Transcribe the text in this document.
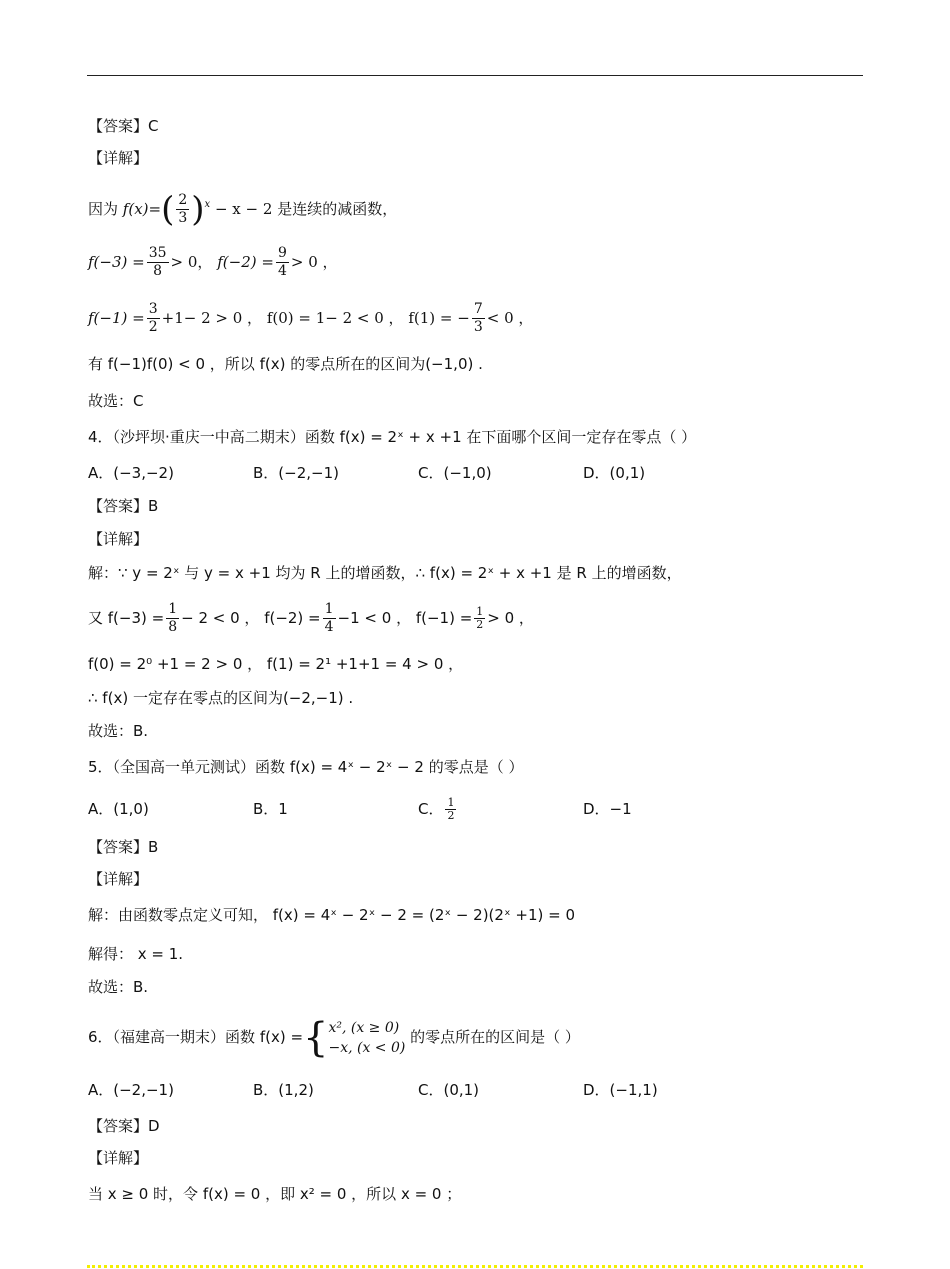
【答案】C
【详解】
因为 $f(x)=( \frac{2}{3} )^x - x - 2$ 是连续的减函数，
$f(-3) = \frac{35}{8} > 0$， $f(-2) = \frac{9}{4} > 0$ ，
$f(-1) = \frac{3}{2} +1- 2 > 0$ ， f(0) = 1− 2 < 0 ， f(1) = − $\frac{7}{3} < 0$ ，
有 f(−1)f(0) < 0 ，所以 f(x) 的零点所在的区间为(−1,0) .
故选：C
4．（沙坪坝·重庆一中高二期末）函数 f(x) = 2ˣ + x +1 在下面哪个区间一定存在零点（ ）
A．(−3,−2)	B．(−2,−1)	C．(−1,0)	D．(0,1)
【答案】B
【详解】
解：∵ y = 2ˣ 与 y = x +1 均为 R 上的增函数，∴ f(x) = 2ˣ + x +1 是 R 上的增函数，
又 $f(-3) = \frac{1}{8} - 2 < 0$ ， $f(-2) = \frac{1}{4} -1 < 0$ ， $f(-1) = \frac{1}{2} > 0$ ，
f(0) = 2⁰ +1 = 2 > 0 ， f(1) = 2¹ +1+1 = 4 > 0 ，
∴ f(x) 一定存在零点的区间为(−2,−1) .
故选：B.
5．（全国高一单元测试）函数 f(x) = 4ˣ − 2ˣ − 2 的零点是（ ）
A．(1,0)	B．1	C． $\frac{1}{2}$	D．−1
【答案】B
【详解】
解：由函数零点定义可知， f(x) = 4ˣ − 2ˣ − 2 = (2ˣ − 2)(2ˣ +1) = 0
解得： x = 1.
故选：B.
6．（福建高一期末）函数 f(x) ={ x², (x ≥ 0)
−x, (x < 0)
的零点所在的区间是（ ）
A．(−2,−1)	B．(1,2)	C．(0,1)	D．(−1,1)
【答案】D
【详解】
当 x ≥ 0 时，令 f(x) = 0 ，即 x² = 0 ，所以 x = 0 ；
